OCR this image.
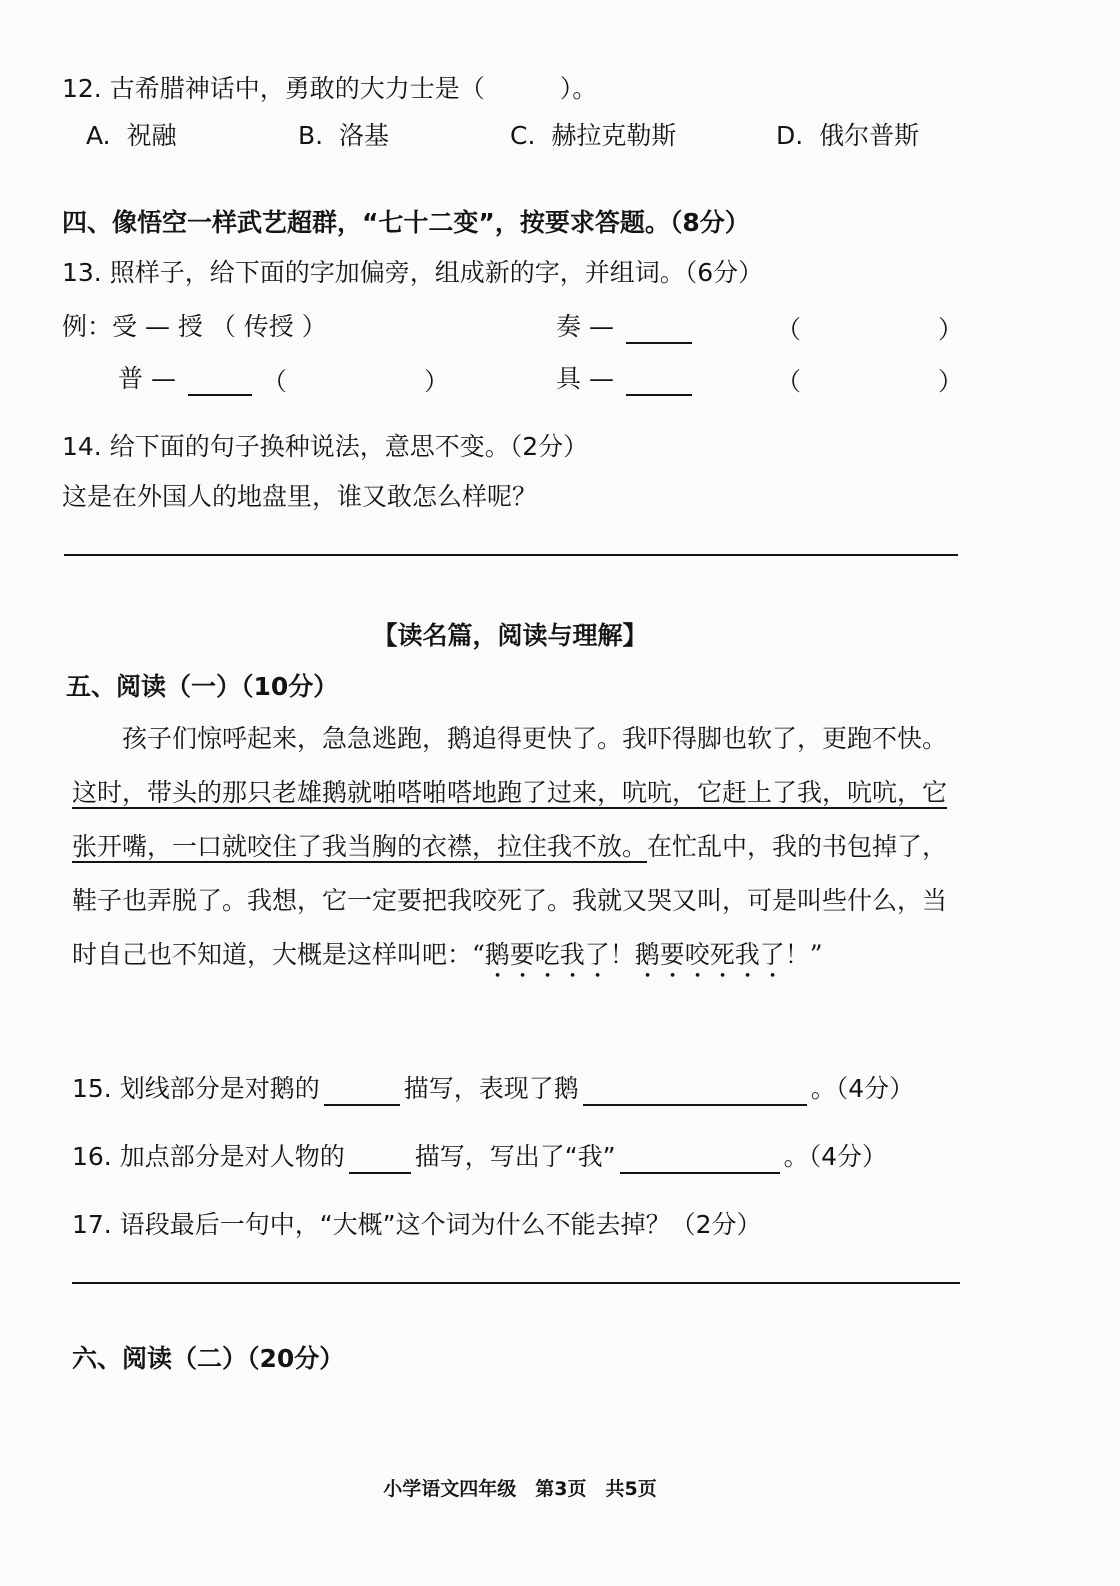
12. 古希腊神话中，勇敢的大力士是（　　　）。
A. 祝融	B. 洛基	C. 赫拉克勒斯	D. 俄尔普斯
四、像悟空一样武艺超群，“七十二变”，按要求答题。（8分）
13. 照样子，给下面的字加偏旁，组成新的字，并组词。（6分）
例：受 — 授 （ 传授 ）	奏 —	（	）
普 —	（	）	具 —	（	）
14. 给下面的句子换种说法，意思不变。（2分）
这是在外国人的地盘里，谁又敢怎么样呢？
【读名篇，阅读与理解】
五、阅读（一）（10分）
孩子们惊呼起来，急急逃跑，鹅追得更快了。我吓得脚也软了，更跑不快。这时，带头的那只老雄鹅就啪嗒啪嗒地跑了过来，吭吭，它赶上了我，吭吭，它张开嘴，一口就咬住了我当胸的衣襟，拉住我不放。在忙乱中，我的书包掉了，鞋子也弄脱了。我想，它一定要把我咬死了。我就又哭又叫，可是叫些什么，当时自己也不知道，大概是这样叫吧：“鹅要吃我了！鹅要咬死我了！”
15. 划线部分是对鹅的	描写，表现了鹅	。（4分）
16. 加点部分是对人物的	描写，写出了“我”	。（4分）
17. 语段最后一句中，“大概”这个词为什么不能去掉？（2分）
六、阅读（二）（20分）
小学语文四年级　第3页　共5页
